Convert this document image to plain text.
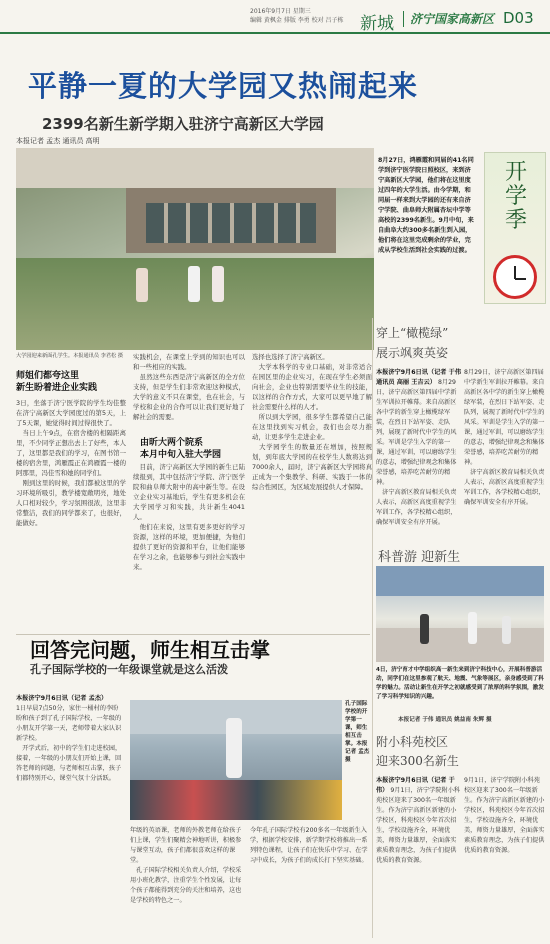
2016年9月7日 星期三
编辑 黄枫金 排版 李勇 校对 吕子栋 新城 济宁国家高新区 D03
平静一夏的大学园又热闹起来
2399名新生新学期入驻济宁高新区大学园
本报记者 孟杰 通讯员 高明
大学园迎来新面孔学生。本报通讯员 李君松 摄
8月27日，鸿雁霞和同届的41名同学到济宁医学院日照校区，来到济宁高新区大学园，他们将在这里度过四年的大学生活。由今学期，和同届一样来到大学园的还有来自济宁学院、曲阜师大附属杏坛中学等高校的2399名新生。9月中旬，来自曲阜大约300多名新生到入园，他们将在这里完成剩余的学业，完成从学校生活到社会实践的过渡。
开学季
师姐们都夸这里
新生盼着进企业实践
3日，坐落于济宁医学院的学生均佳整在济宁高新区大学园度过的第5天，上了5天课，她觉得时间过得很快了。
　当日上午9点，在宿舍楼的相隔距离里，不少同学正想出去上了好些，本人了，这里都是我们的学习，在图书馆一楼的宿舍里，鸿雁霞正在鸿雁霞一楼的阿那里，冯佳雪和她的同学们。
　刚到这里的时候，我们都被这里的学习环境所吸引，教学楼宽敞明亮，地处人口相对较少，学习氛围很浓，这里非常整洁，我们的同学都来了，也很好，能做好。
实践机会，在课堂上学到的知识也可以和一些相应的实践。
　虽然这些东西是济宁高新区的全方位支持，但是学生们非常欢迎这种模式，大学的意义不只在课堂，也在社会，与学校和企业的合作可以让我们更好地了解社会的需要。

　目前，济宁高新区大学园的新生已陆续报到，其中包括济宁学院、济宁医学院和曲阜师大附中的高中新生等。在设立企业实习基地后，学生有更多机会在大学园学习和实践，共计新生4041人。
　他们在来说，这里有更多更好的学习资源，这样的环境，更加便捷，为他们提供了更好的资源和平台，让他们能够在学习之余，也能够参与到社会实践中来。
由昕大两个院系
本月中旬入驻大学园
选择也选择了济宁高新区。
　大学本科学的专业口基础，对非常适合在园区里的企业实习，在现在学生必须面向社会，企业也特别需要毕业生的技能，以这样的合作方式，大家可以更早地了解社会需要什么样的人才。
　所以到大学园，很多学生都希望自己能在这里找到实习机会，我们也会尽力推动，让更多学生走进企业。
　大学园学生的数量还在增加，按照规划，到年底大学园的在校学生人数将达到7000余人，届时，济宁高新区大学园将真正成为一个集教学、科研、实践于一体的综合性园区，为区域发展提供人才保障。
穿上“橄榄绿”
展示飒爽英姿
本报济宁9月6日讯（记者 于伟 通讯员 高丽 王吉云） 8月29日，济宁高新区第四届中学新生军训拉开帷幕。来自高新区各中学的新生穿上橄榄绿军装，在烈日下站军姿、走队列，展现了新时代中学生的风采。军训是学生入学的第一课，通过军训，可以磨练学生的意志，增强纪律观念和集体荣誉感，培养吃苦耐劳的精神。
　济宁高新区教育局相关负责人表示，高新区高度重视学生军训工作，各学校精心组织，确保军训安全有序开展。
8月29日，济宁高新区第四届中学新生军训拉开帷幕。来自高新区各中学的新生穿上橄榄绿军装，在烈日下站军姿、走队列，展现了新时代中学生的风采。军训是学生入学的第一课，通过军训，可以磨练学生的意志，增强纪律观念和集体荣誉感，培养吃苦耐劳的精神。
　济宁高新区教育局相关负责人表示，高新区高度重视学生军训工作，各学校精心组织，确保军训安全有序开展。
科普游 迎新生
4日，济宁育才中学组织高一新生来到济宁科技中心，开展科普游活动，同学们在这里参观了航天、地震、气象等展区，亲身感受到了科学的魅力。活动让新生在开学之初就感受到了浓厚的科学氛围，激发了学习科学知识的兴趣。
本报记者 于伟 通讯员 姚益南 朱辉 摄
附小科苑校区
迎来300名新生
本报济宁9月6日讯（记者 于伟） 9月1日，济宁学院附小科苑校区迎来了300名一年级新生。作为济宁高新区新建的小学校区，科苑校区今年首次招生，学校设施齐全，环境优美，师资力量雄厚，全面落实素质教育理念，为孩子们提供优质的教育资源。
9月1日，济宁学院附小科苑校区迎来了300名一年级新生。作为济宁高新区新建的小学校区，科苑校区今年首次招生，学校设施齐全，环境优美，师资力量雄厚，全面落实素质教育理念，为孩子们提供优质的教育资源。
回答完问题，师生相互击掌
孔子国际学校的一年级课堂就是这么活泼

本报济宁9月6日讯（记者 孟杰）
1日早晨7点50分，家住一桶村的李盼盼和孩子到了孔子国际学校，一年级的小朋友开学第一天，老师带着大家认识新学校。
　开学式后，初中的学生们走进校园，接着，一年级的小朋友们开始上课，回答老师的问题，与老师相互击掌，孩子们都特别开心，课堂气氛十分活跃。

孔子国际学校的开学第一课，师生相互击掌。本报记者 孟杰 摄
年级的英语课，老师的外教老师在给孩子们上课，学生们聚精会神地听讲，积极参与课堂互动，孩子们都很喜欢这样的课堂。
　孔子国际学校相关负责人介绍，学校采用小班化教学，注重学生个性发展，让每个孩子都能得到充分的关注和培养，这也是学校的特色之一。
今年孔子国际学校有200多名一年级新生入学，根据学校安排，新学期学校将推出一系列特色课程，让孩子们在快乐中学习、在学习中成长，为孩子们的成长打下坚实基础。
